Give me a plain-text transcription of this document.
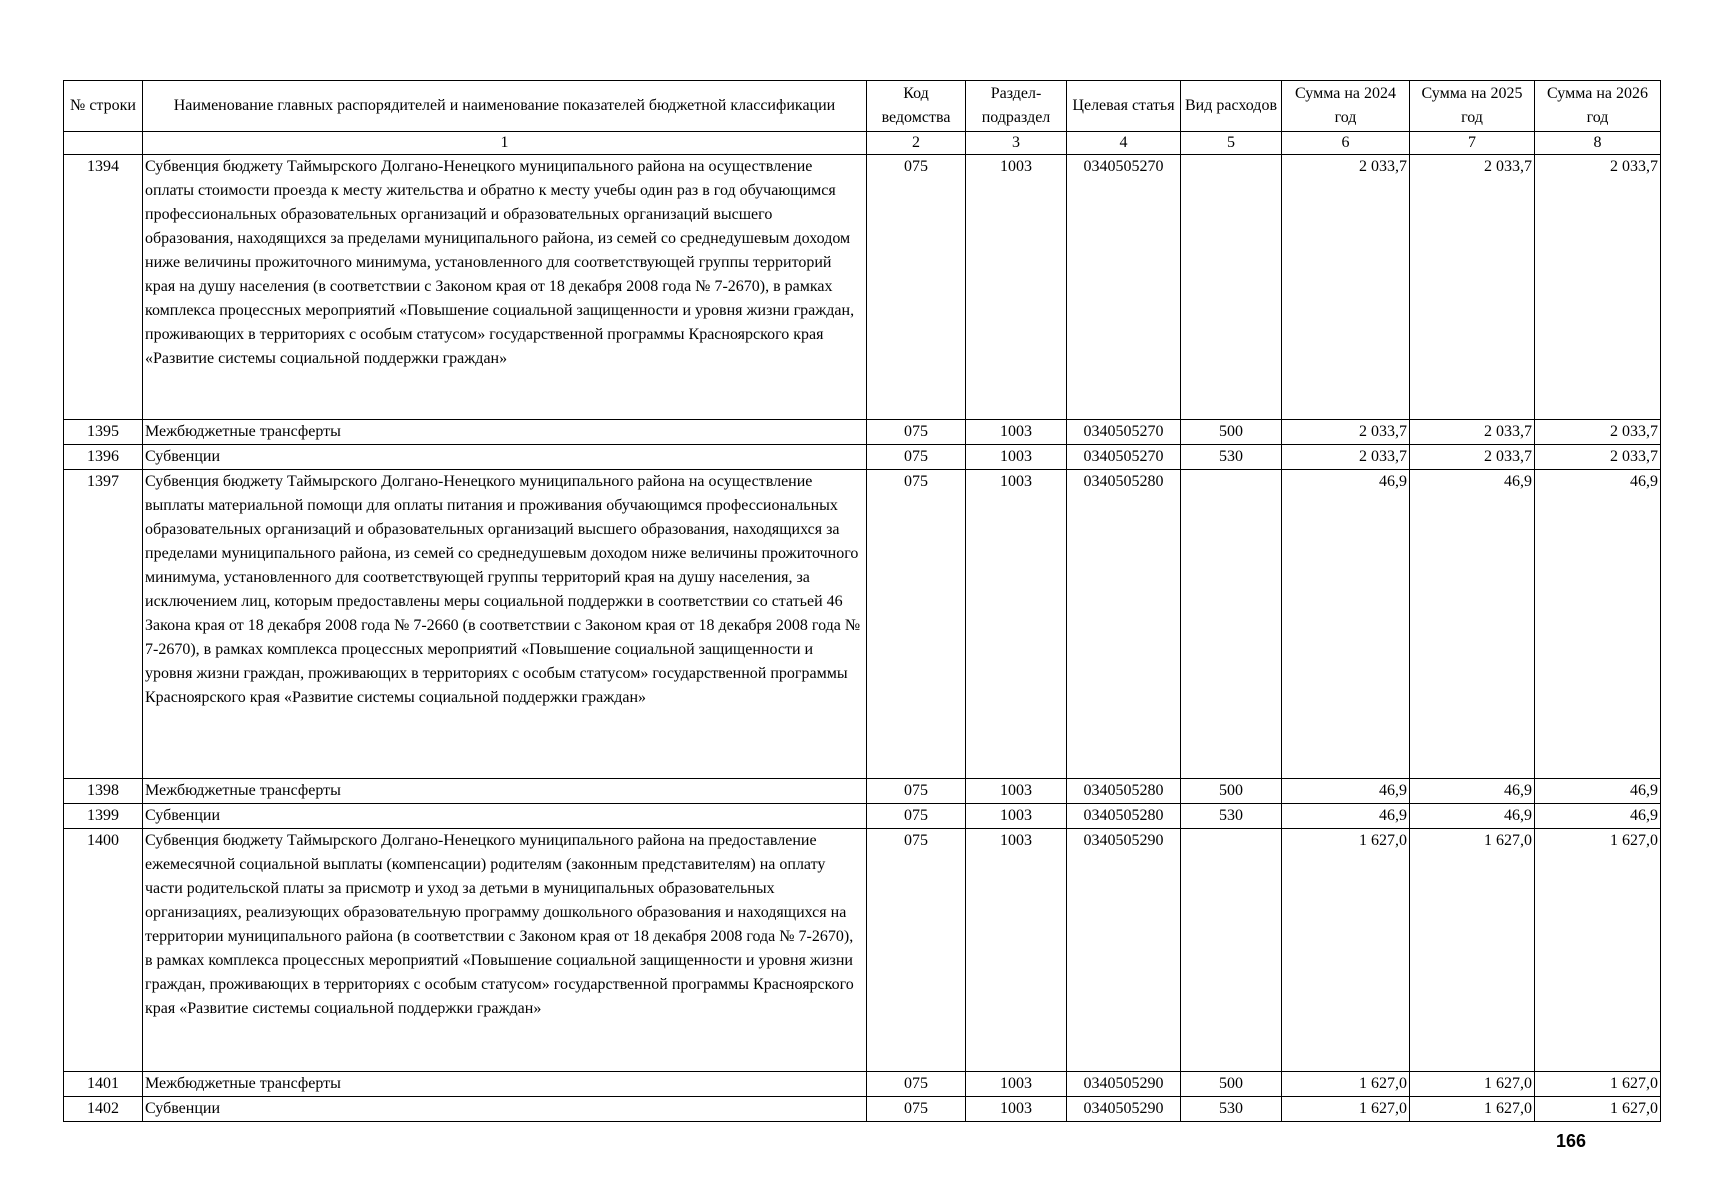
№ строки	Наименование главных распорядителей и наименование показателей бюджетной классификации	Код ведомства	Раздел-подраздел	Целевая статья	Вид расходов	Сумма на 2024 год	Сумма на 2025 год	Сумма на 2026 год
	1	2	3	4	5	6	7	8
1394	Субвенция бюджету Таймырского Долгано-Ненецкого муниципального района на осуществление оплаты стоимости проезда к месту жительства и обратно к месту учебы один раз в год обучающимся профессиональных образовательных организаций и образовательных организаций высшего образования, находящихся за пределами муниципального района, из семей со среднедушевым доходом ниже величины прожиточного минимума, установленного для соответствующей группы территорий края на душу населения (в соответствии с Законом края от 18 декабря 2008 года № 7-2670), в рамках комплекса процессных мероприятий «Повышение социальной защищенности и уровня жизни граждан, проживающих в территориях с особым статусом» государственной программы Красноярского края «Развитие системы социальной поддержки граждан»	075	1003	0340505270		2 033,7	2 033,7	2 033,7
1395	Межбюджетные трансферты	075	1003	0340505270	500	2 033,7	2 033,7	2 033,7
1396	Субвенции	075	1003	0340505270	530	2 033,7	2 033,7	2 033,7
1397	Субвенция бюджету Таймырского Долгано-Ненецкого муниципального района на осуществление выплаты материальной помощи для оплаты питания и проживания обучающимся профессиональных образовательных организаций и образовательных организаций высшего образования, находящихся за пределами муниципального района, из семей со среднедушевым доходом ниже величины прожиточного минимума, установленного для соответствующей группы территорий края на душу населения, за исключением лиц, которым предоставлены меры социальной поддержки в соответствии со статьей 46 Закона края от 18 декабря 2008 года № 7-2660 (в соответствии с Законом края от 18 декабря 2008 года № 7-2670), в рамках комплекса процессных мероприятий «Повышение социальной защищенности и уровня жизни граждан, проживающих в территориях с особым статусом» государственной программы Красноярского края «Развитие системы социальной поддержки граждан»	075	1003	0340505280		46,9	46,9	46,9
1398	Межбюджетные трансферты	075	1003	0340505280	500	46,9	46,9	46,9
1399	Субвенции	075	1003	0340505280	530	46,9	46,9	46,9
1400	Субвенция бюджету Таймырского Долгано-Ненецкого муниципального района на предоставление ежемесячной социальной выплаты (компенсации) родителям (законным представителям) на оплату части родительской платы за присмотр и уход за детьми в муниципальных образовательных организациях, реализующих образовательную программу дошкольного образования и находящихся на территории муниципального района (в соответствии с Законом края от 18 декабря 2008 года № 7-2670), в рамках комплекса процессных мероприятий «Повышение социальной защищенности и уровня жизни граждан, проживающих в территориях с особым статусом» государственной программы Красноярского края «Развитие системы социальной поддержки граждан»	075	1003	0340505290		1 627,0	1 627,0	1 627,0
1401	Межбюджетные трансферты	075	1003	0340505290	500	1 627,0	1 627,0	1 627,0
1402	Субвенции	075	1003	0340505290	530	1 627,0	1 627,0	1 627,0
166
